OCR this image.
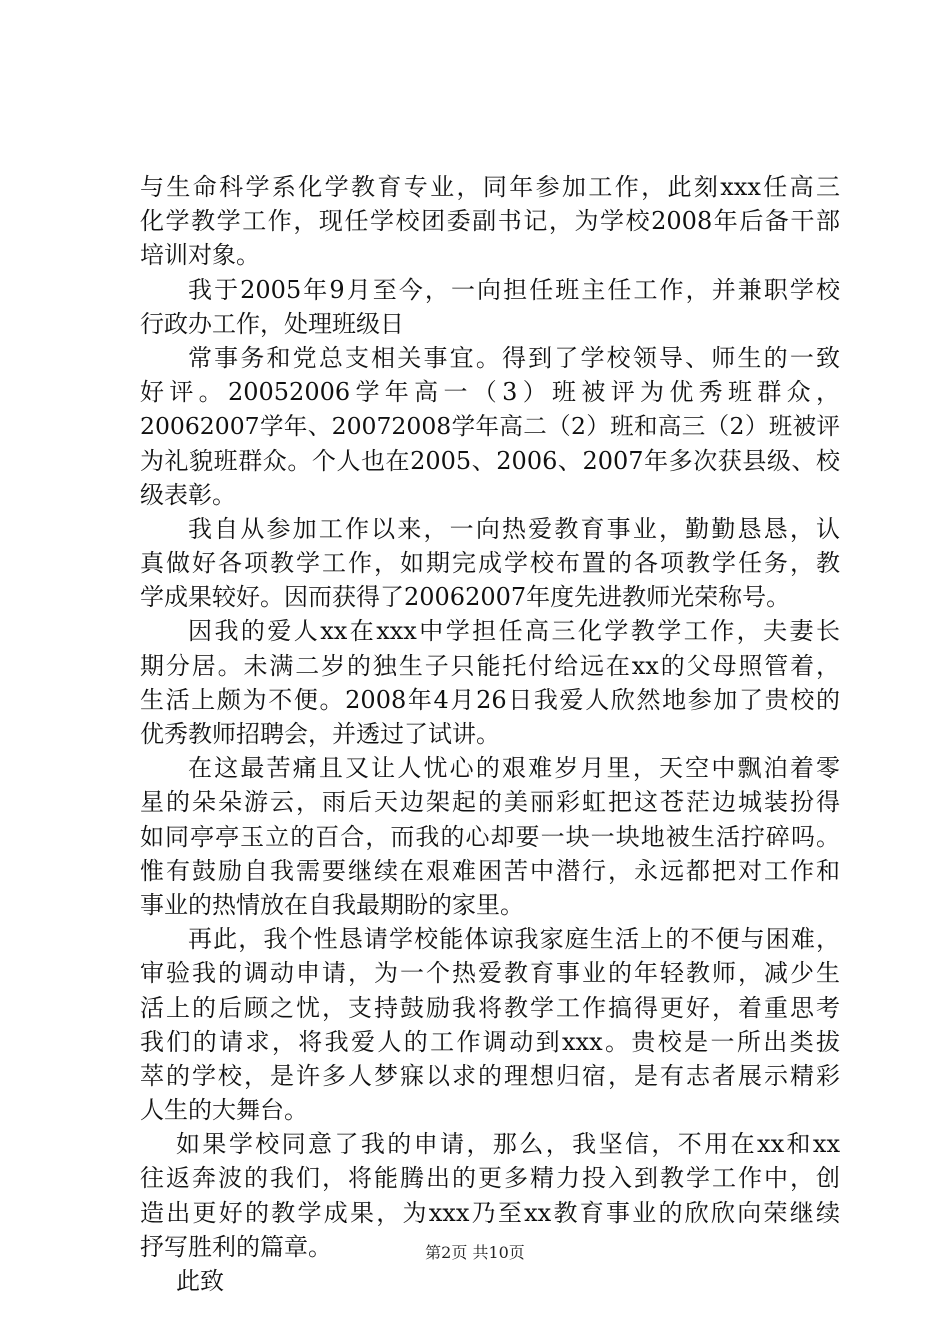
与生命科学系化学教育专业，同年参加工作，此刻xxx任高三
化学教学工作，现任学校团委副书记，为学校2008年后备干部
培训对象。
我于2005年9月至今，一向担任班主任工作，并兼职学校
行政办工作，处理班级日
常事务和党总支相关事宜。得到了学校领导、师生的一致
好评。20052006学年高一（3）班被评为优秀班群众，
20062007学年、20072008学年高二（2）班和高三（2）班被评
为礼貌班群众。个人也在2005、2006、2007年多次获县级、校
级表彰。
我自从参加工作以来，一向热爱教育事业，勤勤恳恳，认
真做好各项教学工作，如期完成学校布置的各项教学任务，教
学成果较好。因而获得了20062007年度先进教师光荣称号。
因我的爱人xx在xxx中学担任高三化学教学工作，夫妻长
期分居。未满二岁的独生子只能托付给远在xx的父母照管着，
生活上颇为不便。2008年4月26日我爱人欣然地参加了贵校的
优秀教师招聘会，并透过了试讲。
在这最苦痛且又让人忧心的艰难岁月里，天空中飘泊着零
星的朵朵游云，雨后天边架起的美丽彩虹把这苍茫边城装扮得
如同亭亭玉立的百合，而我的心却要一块一块地被生活拧碎吗。
惟有鼓励自我需要继续在艰难困苦中潜行，永远都把对工作和
事业的热情放在自我最期盼的家里。
再此，我个性恳请学校能体谅我家庭生活上的不便与困难，
审验我的调动申请，为一个热爱教育事业的年轻教师，减少生
活上的后顾之忧，支持鼓励我将教学工作搞得更好，着重思考
我们的请求，将我爱人的工作调动到xxx。贵校是一所出类拔
萃的学校，是许多人梦寐以求的理想归宿，是有志者展示精彩
人生的大舞台。
如果学校同意了我的申请，那么，我坚信，不用在xx和xx
往返奔波的我们，将能腾出的更多精力投入到教学工作中，创
造出更好的教学成果，为xxx乃至xx教育事业的欣欣向荣继续
抒写胜利的篇章。
此致
第2页 共10页
